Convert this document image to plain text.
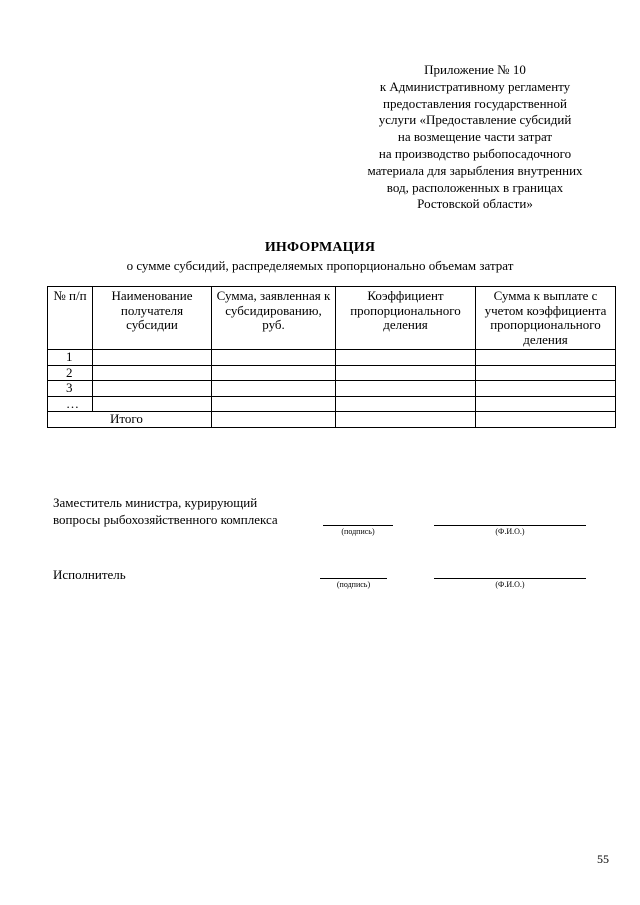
Приложение № 10
к Административному регламенту
предоставления государственной
услуги «Предоставление субсидий
на возмещение части затрат
на производство рыбопосадочного
материала для зарыбления внутренних
вод, расположенных в границах
Ростовской области»
ИНФОРМАЦИЯ
о сумме субсидий, распределяемых пропорционально объемам затрат
№ п/п	Наименование получателя субсидии	Сумма, заявленная к субсидированию, руб.	Коэффициент пропорционального деления	Сумма к выплате с учетом коэффициента пропорционального деления
1				
2				
3				
…				
Итого				
Заместитель министра, курирующий
вопросы рыбохозяйственного комплекса
(подпись)	(Ф.И.О.)
Исполнитель
(подпись)	(Ф.И.О.)
55
